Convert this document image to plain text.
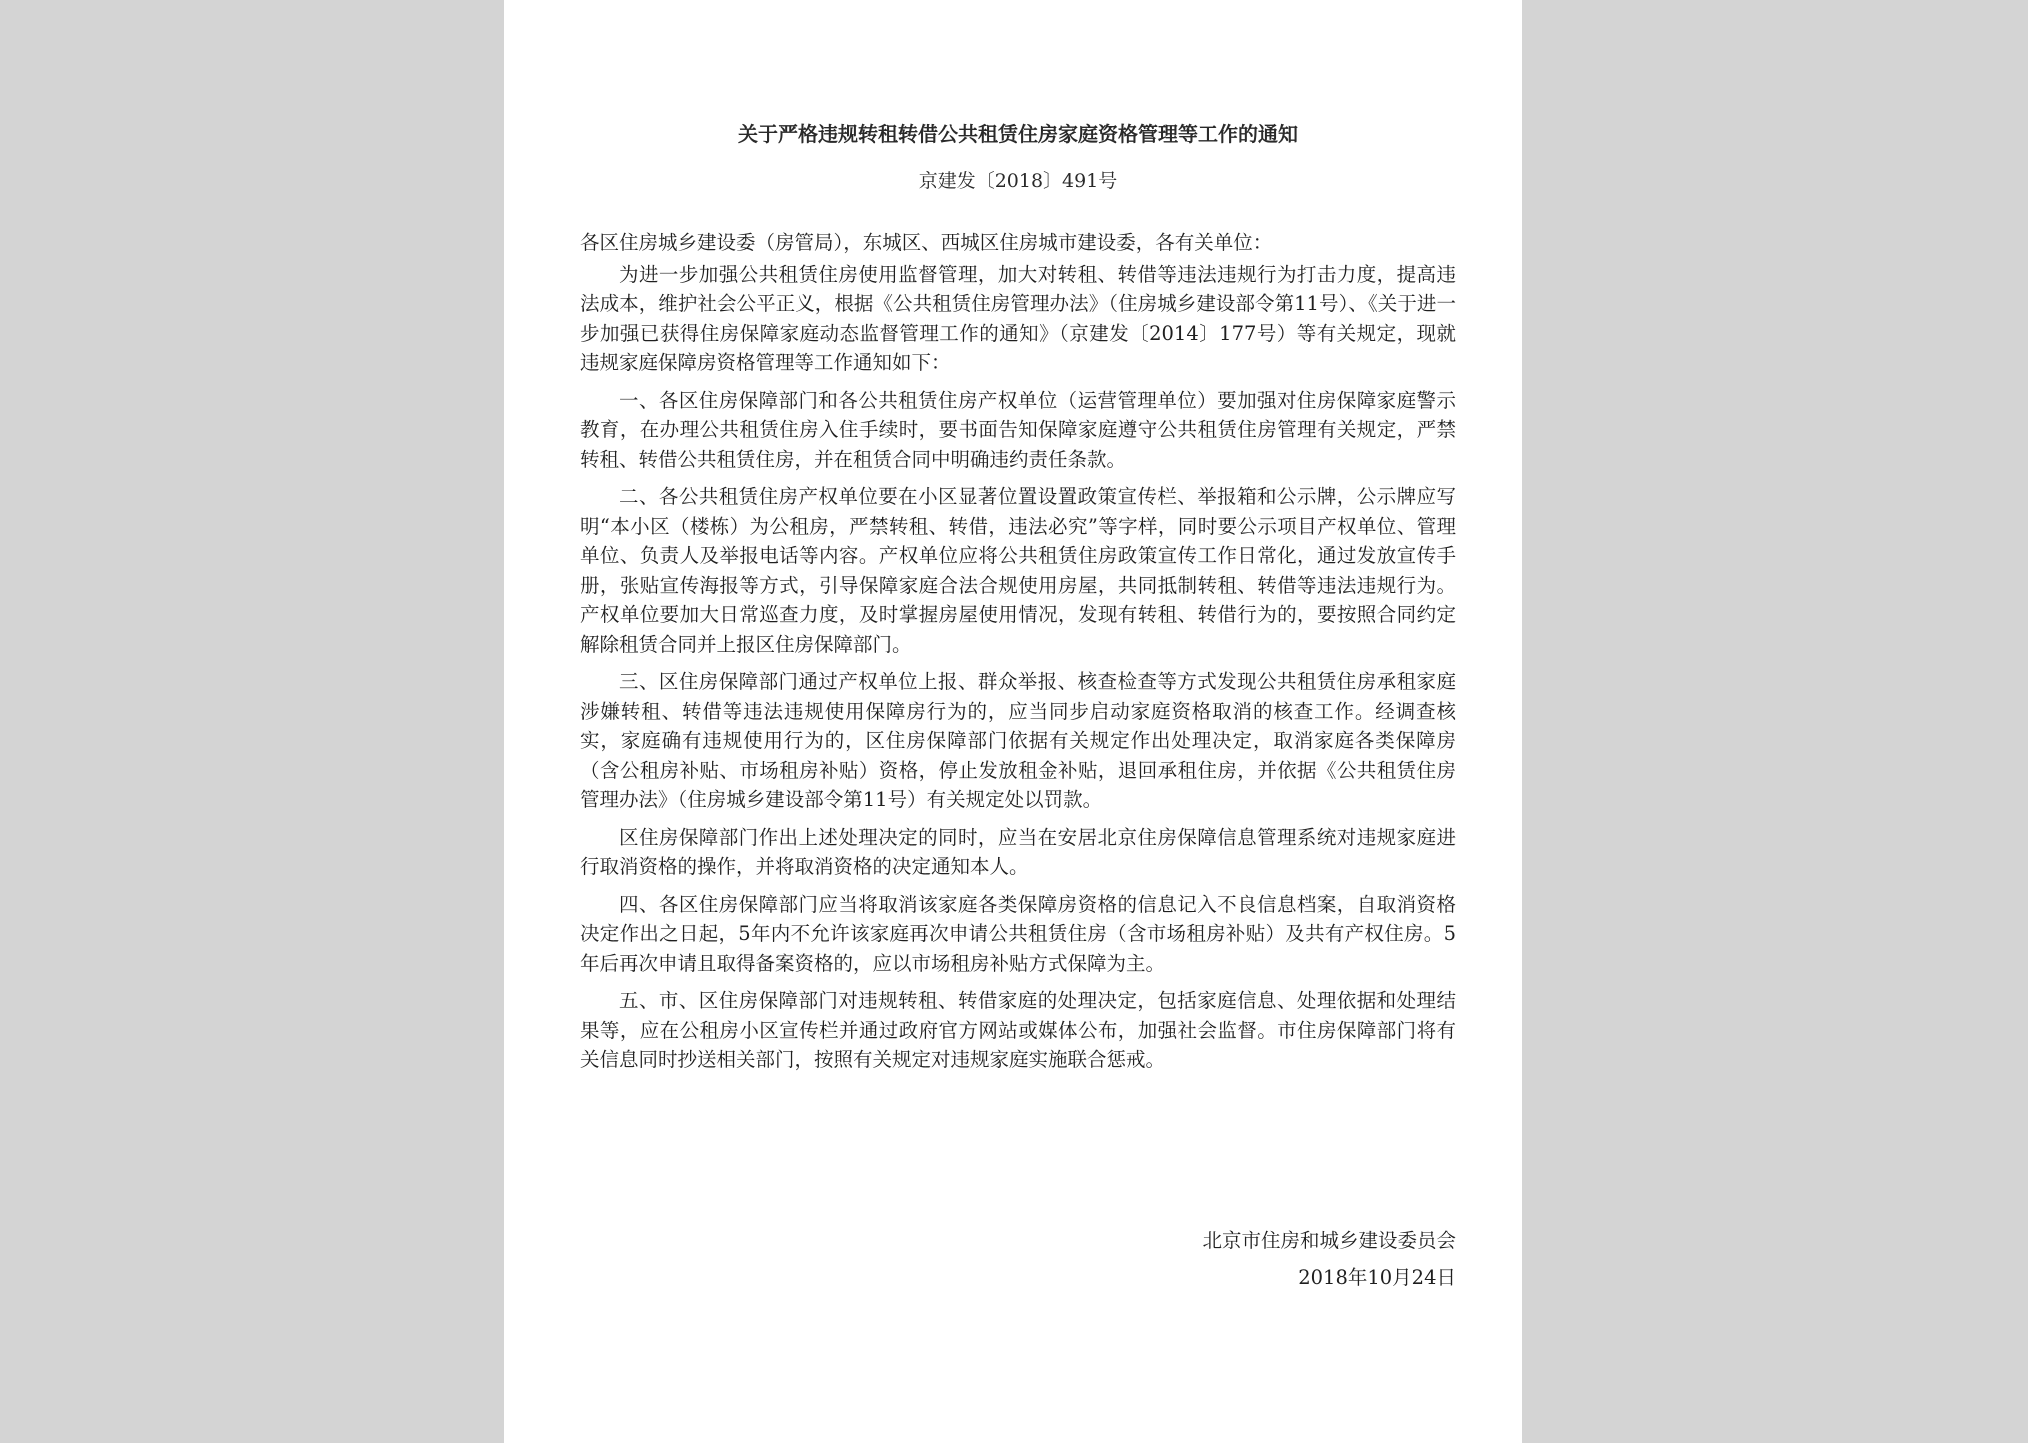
关于严格违规转租转借公共租赁住房家庭资格管理等工作的通知
京建发〔2018〕491号

各区住房城乡建设委（房管局），东城区、西城区住房城市建设委，各有关单位：

为进一步加强公共租赁住房使用监督管理，加大对转租、转借等违法违规行为打击力度，提高违法成本，维护社会公平正义，根据《公共租赁住房管理办法》（住房城乡建设部令第11号）、《关于进一步加强已获得住房保障家庭动态监督管理工作的通知》（京建发〔2014〕177号）等有关规定，现就违规家庭保障房资格管理等工作通知如下：

一、各区住房保障部门和各公共租赁住房产权单位（运营管理单位）要加强对住房保障家庭警示教育，在办理公共租赁住房入住手续时，要书面告知保障家庭遵守公共租赁住房管理有关规定，严禁转租、转借公共租赁住房，并在租赁合同中明确违约责任条款。

二、各公共租赁住房产权单位要在小区显著位置设置政策宣传栏、举报箱和公示牌，公示牌应写明“本小区（楼栋）为公租房，严禁转租、转借，违法必究”等字样，同时要公示项目产权单位、管理单位、负责人及举报电话等内容。产权单位应将公共租赁住房政策宣传工作日常化，通过发放宣传手册，张贴宣传海报等方式，引导保障家庭合法合规使用房屋，共同抵制转租、转借等违法违规行为。产权单位要加大日常巡查力度，及时掌握房屋使用情况，发现有转租、转借行为的，要按照合同约定解除租赁合同并上报区住房保障部门。

三、区住房保障部门通过产权单位上报、群众举报、核查检查等方式发现公共租赁住房承租家庭涉嫌转租、转借等违法违规使用保障房行为的，应当同步启动家庭资格取消的核查工作。经调查核实，家庭确有违规使用行为的，区住房保障部门依据有关规定作出处理决定，取消家庭各类保障房（含公租房补贴、市场租房补贴）资格，停止发放租金补贴，退回承租住房，并依据《公共租赁住房管理办法》（住房城乡建设部令第11号）有关规定处以罚款。

区住房保障部门作出上述处理决定的同时，应当在安居北京住房保障信息管理系统对违规家庭进行取消资格的操作，并将取消资格的决定通知本人。

四、各区住房保障部门应当将取消该家庭各类保障房资格的信息记入不良信息档案，自取消资格决定作出之日起，5年内不允许该家庭再次申请公共租赁住房（含市场租房补贴）及共有产权住房。5年后再次申请且取得备案资格的，应以市场租房补贴方式保障为主。

五、市、区住房保障部门对违规转租、转借家庭的处理决定，包括家庭信息、处理依据和处理结果等，应在公租房小区宣传栏并通过政府官方网站或媒体公布，加强社会监督。市住房保障部门将有关信息同时抄送相关部门，按照有关规定对违规家庭实施联合惩戒。

北京市住房和城乡建设委员会
2018年10月24日
